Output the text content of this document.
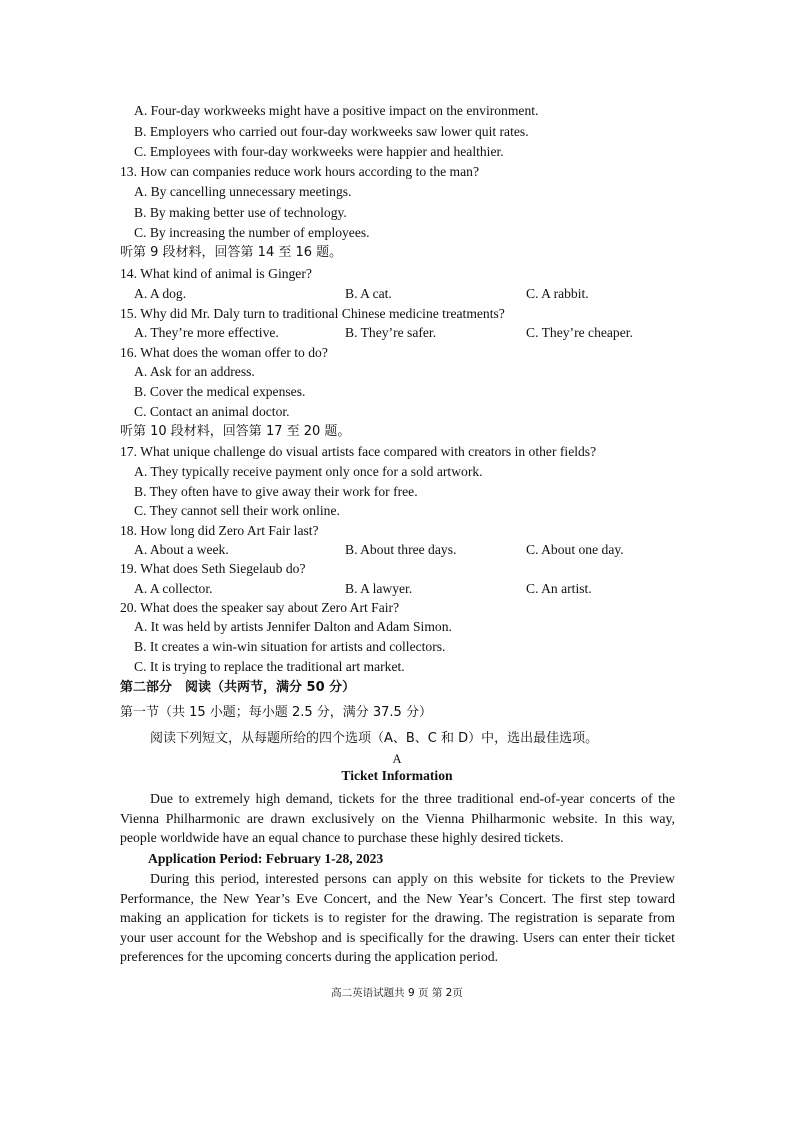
A. Four-day workweeks might have a positive impact on the environment.
B. Employers who carried out four-day workweeks saw lower quit rates.
C. Employees with four-day workweeks were happier and healthier.
13. How can companies reduce work hours according to the man?
A. By cancelling unnecessary meetings.
B. By making better use of technology.
C. By increasing the number of employees.
听第 9 段材料，回答第 14 至 16 题。
14. What kind of animal is Ginger?
A. A dog.	B. A cat.	C. A rabbit.
15. Why did Mr. Daly turn to traditional Chinese medicine treatments?
A. They’re more effective.	B. They’re safer.	C. They’re cheaper.
16. What does the woman offer to do?
A. Ask for an address.
B. Cover the medical expenses.
C. Contact an animal doctor.
听第 10 段材料，回答第 17 至 20 题。
17. What unique challenge do visual artists face compared with creators in other fields?
A. They typically receive payment only once for a sold artwork.
B. They often have to give away their work for free.
C. They cannot sell their work online.
18. How long did Zero Art Fair last?
A. About a week.	B. About three days.	C. About one day.
19. What does Seth Siegelaub do?
A. A collector.	B. A lawyer.	C. An artist.
20. What does the speaker say about Zero Art Fair?
A. It was held by artists Jennifer Dalton and Adam Simon.
B. It creates a win-win situation for artists and collectors.
C. It is trying to replace the traditional art market.
第二部分　阅读（共两节，满分 50 分）
第一节（共 15 小题；每小题 2.5 分，满分 37.5 分）
阅读下列短文，从每题所给的四个选项（A、B、C 和 D）中，选出最佳选项。
A
Ticket Information
Due to extremely high demand, tickets for the three traditional end-of-year concerts of the Vienna Philharmonic are drawn exclusively on the Vienna Philharmonic website. In this way, people worldwide have an equal chance to purchase these highly desired tickets.
Application Period: February 1-28, 2023
During this period, interested persons can apply on this website for tickets to the Preview Performance, the New Year’s Eve Concert, and the New Year’s Concert. The first step toward making an application for tickets is to register for the drawing. The registration is separate from your user account for the Webshop and is specifically for the drawing. Users can enter their ticket preferences for the upcoming concerts during the application period.
高二英语试题共 9 页 第 2页
